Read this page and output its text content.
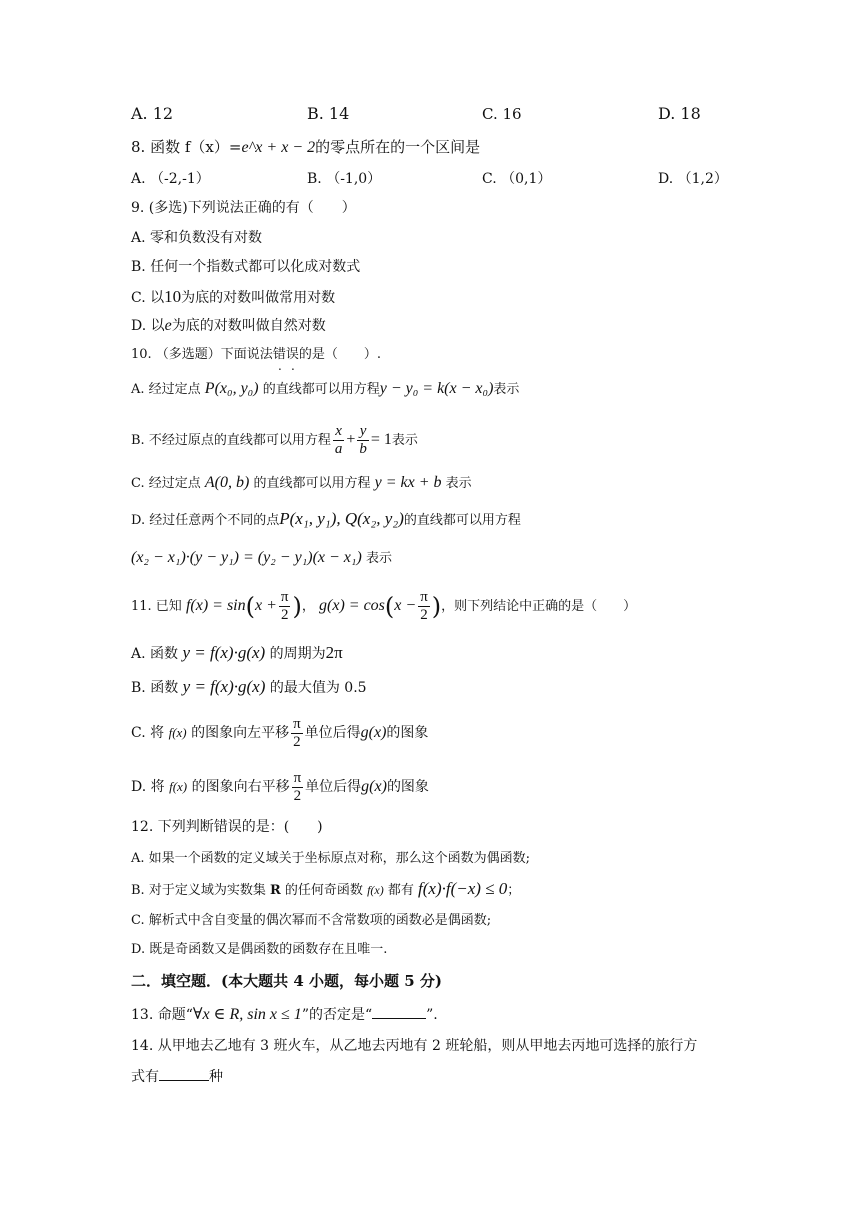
A. 12	B. 14	C. 16	D. 18
8. 函数 f（x）=e^x + x − 2的零点所在的一个区间是
A. （-2,-1）	B. （-1,0）	C. （0,1）	D. （1,2）
9. (多选)下列说法正确的有（　　）
A. 零和负数没有对数
B. 任何一个指数式都可以化成对数式
C. 以10为底的对数叫做常用对数
D. 以e为底的对数叫做自然对数
10. （多选题）下面说法错误的是（　　）.
A. 经过定点 P(x₀, y₀) 的直线都可以用方程y − y₀ = k(x − x₀)表示
B. 不经过原点的直线都可以用方程 $\frac{x}{a} + \frac{y}{b} = 1$表示
C. 经过定点 A(0, b) 的直线都可以用方程 y = kx + b 表示
D. 经过任意两个不同的点P(x₁, y₁), Q(x₂, y₂)的直线都可以用方程
(x₂ − x₁)·(y − y₁) = (y₂ − y₁)(x − x₁) 表示
11. 已知 $f(x) = \sin(x + \frac{\pi}{2}$ )， $g(x) = \cos(x - \frac{\pi}{2}$ )，则下列结论中正确的是（　　）
A. 函数 y = f(x)·g(x) 的周期为2π
B. 函数 y = f(x)·g(x) 的最大值为 0.5
C. 将 f(x) 的图象向左平移 $\frac{\pi}{2}$ 单位后得g(x)的图象
D. 将 f(x) 的图象向右平移 $\frac{\pi}{2}$ 单位后得g(x)的图象
12. 下列判断错误的是：(　　)
A. 如果一个函数的定义域关于坐标原点对称，那么这个函数为偶函数;
B. 对于定义域为实数集 R 的任何奇函数 f(x) 都有 f(x)·f(−x) ≤ 0；
C. 解析式中含自变量的偶次幂而不含常数项的函数必是偶函数;
D. 既是奇函数又是偶函数的函数存在且唯一.
二．填空题．(本大题共 4 小题，每小题 5 分)
13. 命题“∀x ∈ R, sin x ≤ 1”的否定是“	”.
14. 从甲地去乙地有 3 班火车，从乙地去丙地有 2 班轮船，则从甲地去丙地可选择的旅行方
式有	种
